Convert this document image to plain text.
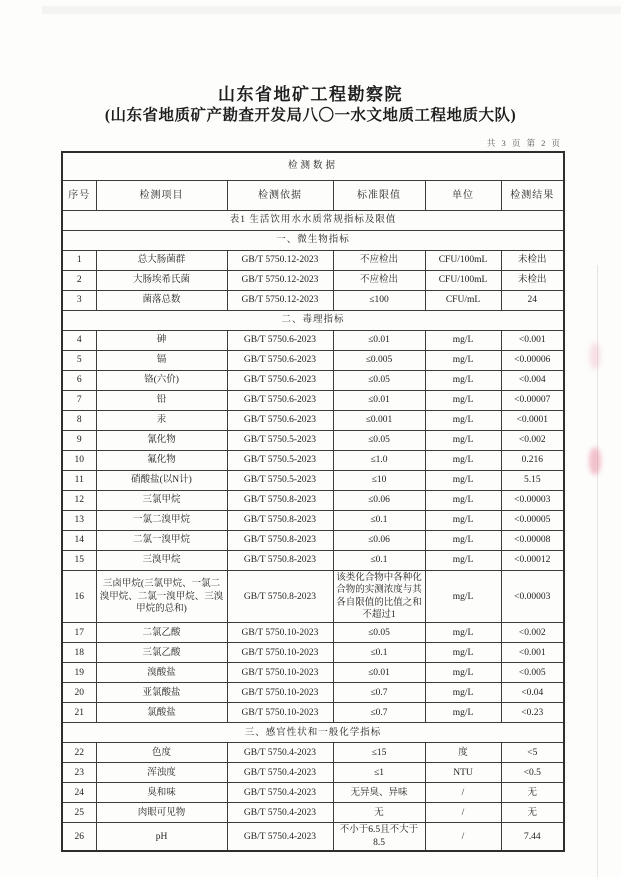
山东省地矿工程勘察院
(山东省地质矿产勘查开发局八〇一水文地质工程地质大队)
共 3 页 第 2 页
检测数据					
序号	检测项目	检测依据	标准限值	单位	检测结果
表1 生活饮用水水质常规指标及限值					
一、微生物指标					
1	总大肠菌群	GB/T 5750.12-2023	不应检出	CFU/100mL	未检出
2	大肠埃希氏菌	GB/T 5750.12-2023	不应检出	CFU/100mL	未检出
3	菌落总数	GB/T 5750.12-2023	≤100	CFU/mL	24
二、毒理指标					
4	砷	GB/T 5750.6-2023	≤0.01	mg/L	<0.001
5	镉	GB/T 5750.6-2023	≤0.005	mg/L	<0.00006
6	铬(六价)	GB/T 5750.6-2023	≤0.05	mg/L	<0.004
7	铅	GB/T 5750.6-2023	≤0.01	mg/L	<0.00007
8	汞	GB/T 5750.6-2023	≤0.001	mg/L	<0.0001
9	氰化物	GB/T 5750.5-2023	≤0.05	mg/L	<0.002
10	氟化物	GB/T 5750.5-2023	≤1.0	mg/L	0.216
11	硝酸盐(以N计)	GB/T 5750.5-2023	≤10	mg/L	5.15
12	三氯甲烷	GB/T 5750.8-2023	≤0.06	mg/L	<0.00003
13	一氯二溴甲烷	GB/T 5750.8-2023	≤0.1	mg/L	<0.00005
14	二氯一溴甲烷	GB/T 5750.8-2023	≤0.06	mg/L	<0.00008
15	三溴甲烷	GB/T 5750.8-2023	≤0.1	mg/L	<0.00012
16	三卤甲烷(三氯甲烷、一氯二溴甲烷、二氯一溴甲烷、三溴甲烷的总和)	GB/T 5750.8-2023	该类化合物中各种化合物的实测浓度与其各自限值的比值之和不超过1	mg/L	<0.00003
17	二氯乙酸	GB/T 5750.10-2023	≤0.05	mg/L	<0.002
18	三氯乙酸	GB/T 5750.10-2023	≤0.1	mg/L	<0.001
19	溴酸盐	GB/T 5750.10-2023	≤0.01	mg/L	<0.005
20	亚氯酸盐	GB/T 5750.10-2023	≤0.7	mg/L	<0.04
21	氯酸盐	GB/T 5750.10-2023	≤0.7	mg/L	<0.23
三、感官性状和一般化学指标					
22	色度	GB/T 5750.4-2023	≤15	度	<5
23	浑浊度	GB/T 5750.4-2023	≤1	NTU	<0.5
24	臭和味	GB/T 5750.4-2023	无异臭、异味	/	无
25	肉眼可见物	GB/T 5750.4-2023	无	/	无
26	pH	GB/T 5750.4-2023	不小于6.5且不大于8.5	/	7.44
